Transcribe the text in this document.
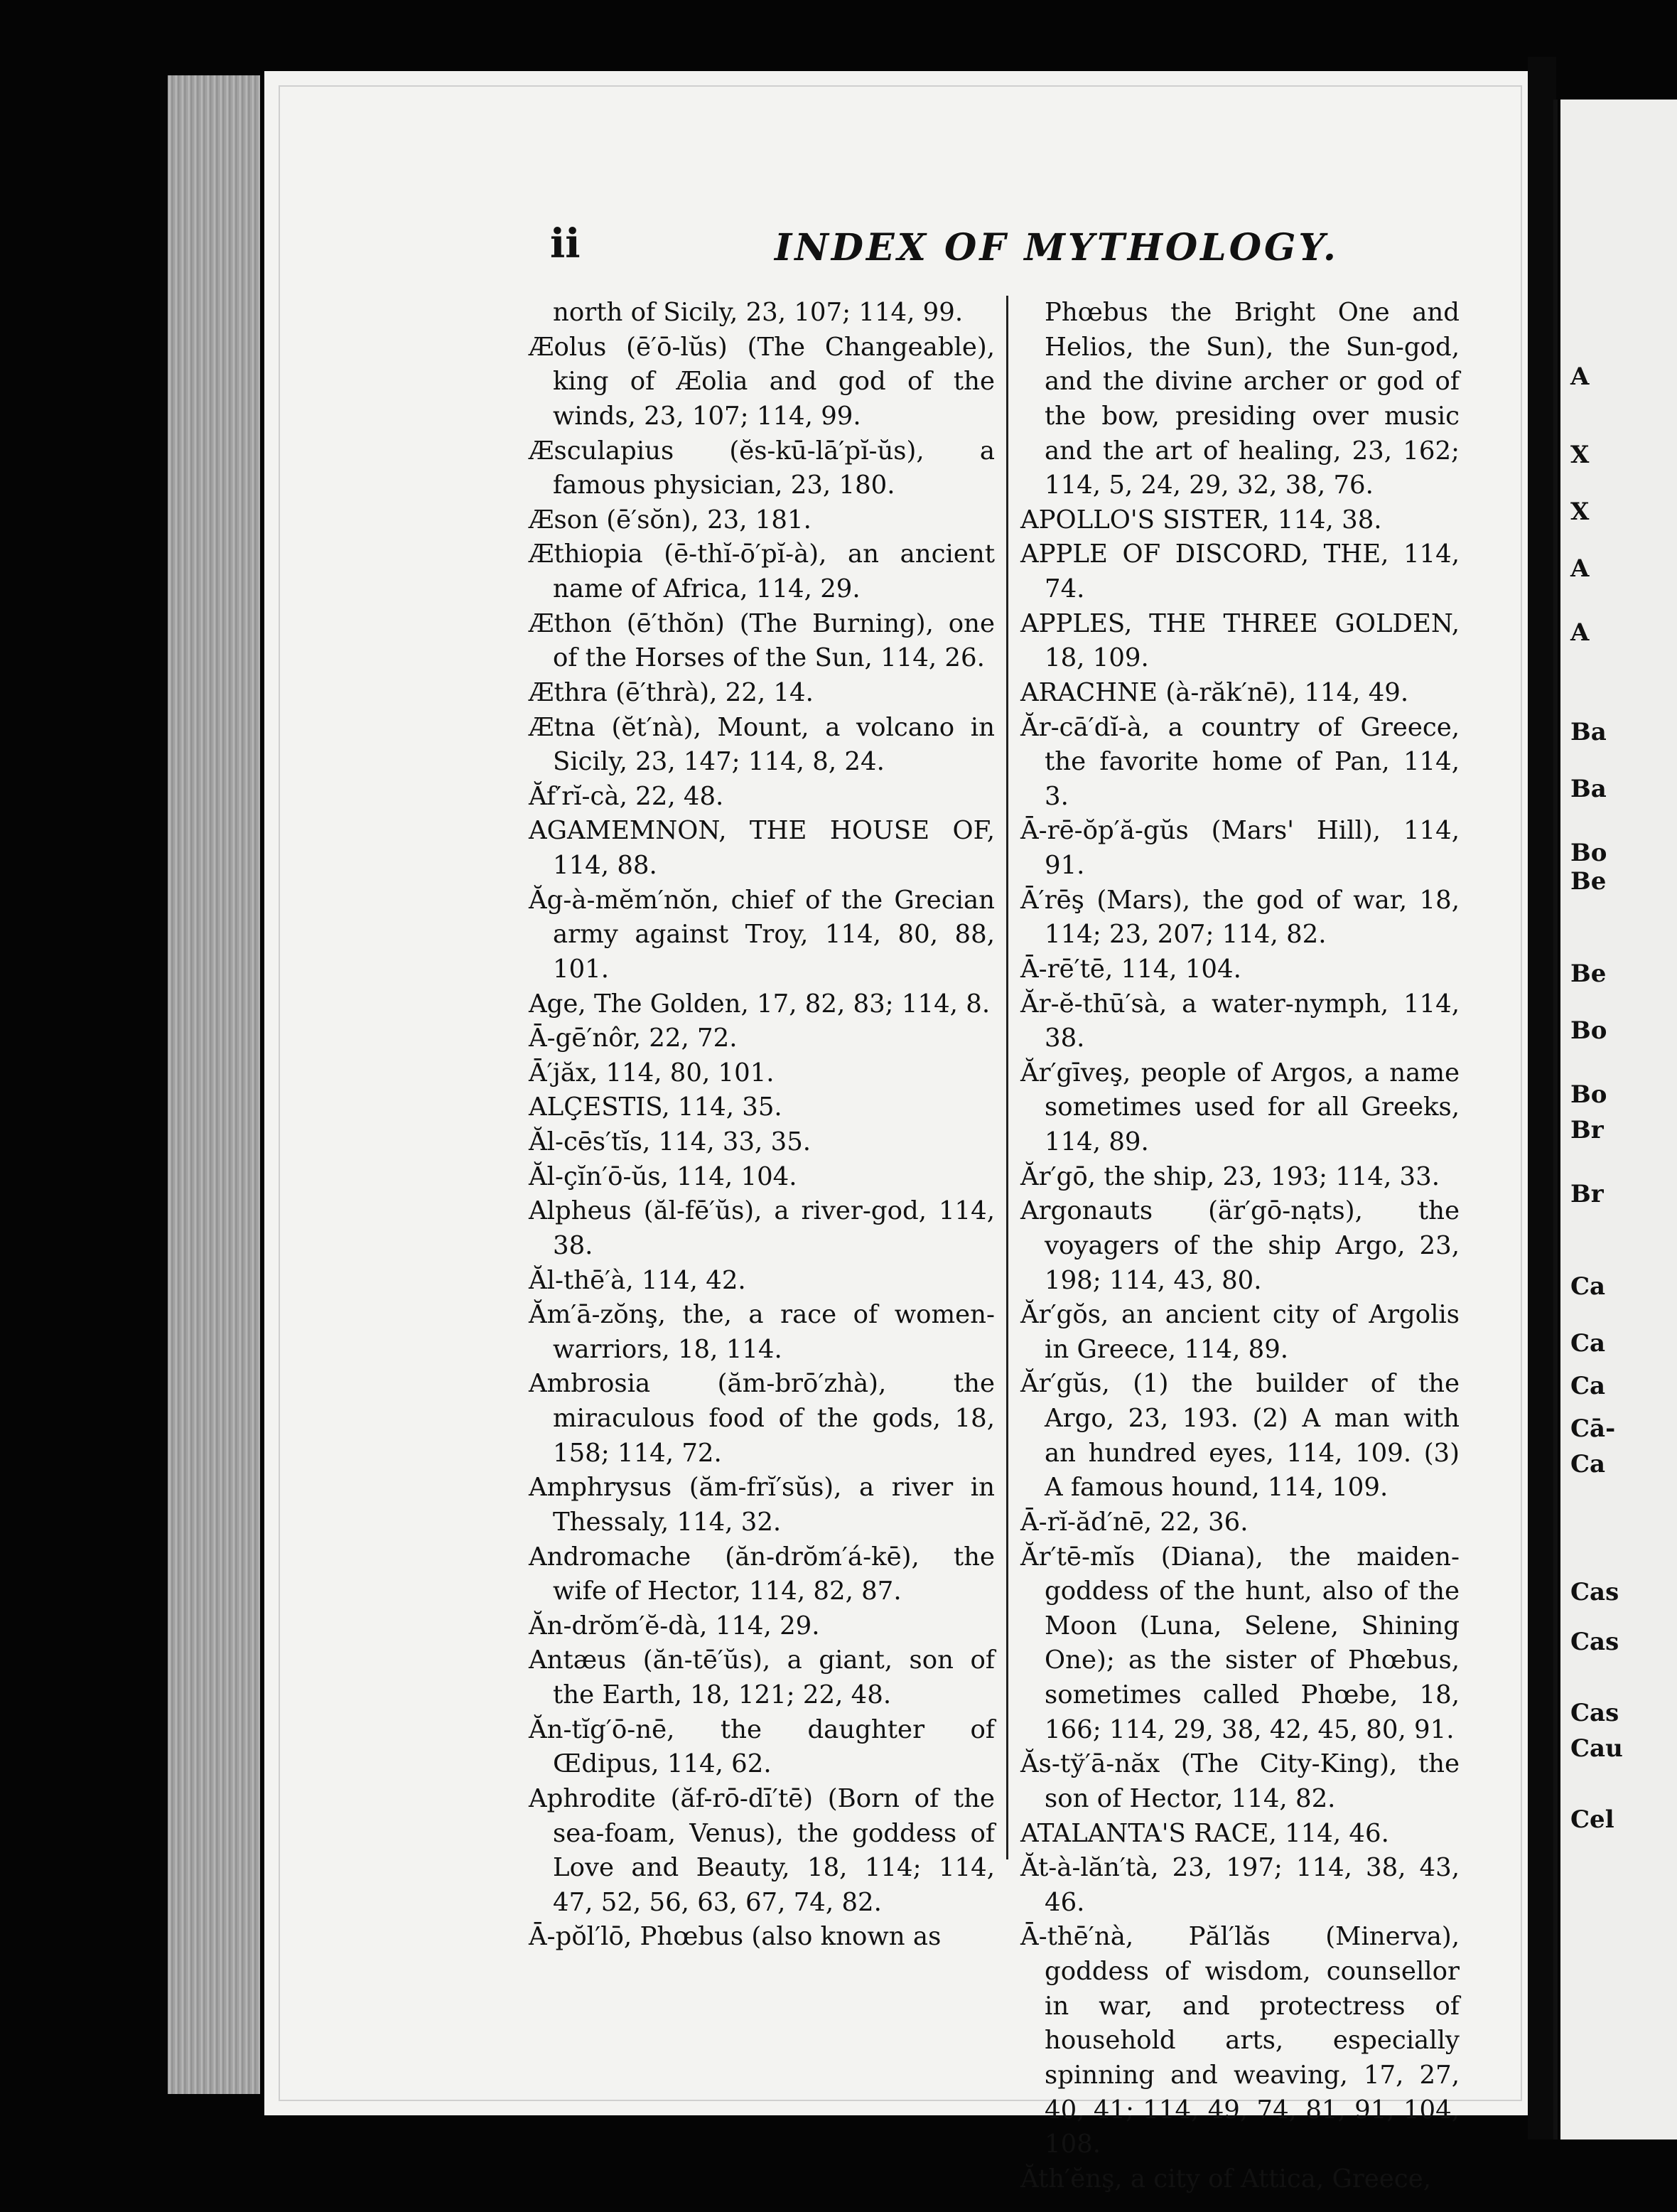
A
X
X
A
A
Ba
Ba
Bo
Be
Be
Bo
Bo
Br
Br
Ca
Ca
Ca
Cā-
Ca
Cas
Cas
Cas
Cau
Cel
ii	INDEX OF MYTHOLOGY.

north of Sicily, 23, 107; 114, 99.

Æolus (ē′ō-lŭs) (The Changeable), king of Æolia and god of the winds, 23, 107; 114, 99.

Æsculapius (ĕs-kū-lā′pĭ-ŭs), a famous physician, 23, 180.

Æson (ē′sŏn), 23, 181.

Æthiopia (ē-thĭ-ō′pĭ-à), an ancient name of Africa, 114, 29.

Æthon (ē′thŏn) (The Burning), one of the Horses of the Sun, 114, 26.

Æthra (ē′thrà), 22, 14.

Ætna (ĕt′nà), Mount, a volcano in Sicily, 23, 147; 114, 8, 24.

Ăf′rĭ-cà, 22, 48.

AGAMEMNON, THE HOUSE OF, 114, 88.

Ăg-à-mĕm′nŏn, chief of the Grecian army against Troy, 114, 80, 88, 101.

Age, The Golden, 17, 82, 83; 114, 8.

Ā-gē′nôr, 22, 72.

Ā′jăx, 114, 80, 101.

ALÇESTIS, 114, 35.

Ăl-cēs′tĭs, 114, 33, 35.

Ăl-çĭn′ō-ŭs, 114, 104.

Alpheus (ăl-fē′ŭs), a river-god, 114, 38.

Ăl-thē′à, 114, 42.

Ăm′ā-zŏnş, the, a race of women-warriors, 18, 114.

Ambrosia (ăm-brō′zhà), the miraculous food of the gods, 18, 158; 114, 72.

Amphrysus (ăm-frĭ′sŭs), a river in Thessaly, 114, 32.

Andromache (ăn-drŏm′á-kē), the wife of Hector, 114, 82, 87.

Ăn-drŏm′ĕ-dà, 114, 29.

Antæus (ăn-tē′ŭs), a giant, son of the Earth, 18, 121; 22, 48.

Ăn-tĭg′ō-nē, the daughter of Œdipus, 114, 62.

Aphrodite (ăf-rō-dī′tē) (Born of the sea-foam, Venus), the goddess of Love and Beauty, 18, 114; 114, 47, 52, 56, 63, 67, 74, 82.

Ā-pŏl′lō, Phœbus (also known as

Phœbus the Bright One and Helios, the Sun), the Sun-god, and the divine archer or god of the bow, presiding over music and the art of healing, 23, 162; 114, 5, 24, 29, 32, 38, 76.

APOLLO'S SISTER, 114, 38.

APPLE OF DISCORD, THE, 114, 74.

APPLES, THE THREE GOLDEN, 18, 109.

ARACHNE (à-răk′nē), 114, 49.

Ăr-cā′dĭ-à, a country of Greece, the favorite home of Pan, 114, 3.

Ā-rē-ŏp′ă-gŭs (Mars' Hill), 114, 91.

Ā′rēş (Mars), the god of war, 18, 114; 23, 207; 114, 82.

Ā-rē′tē, 114, 104.

Ăr-ĕ-thū′sà, a water-nymph, 114, 38.

Ăr′gīveş, people of Argos, a name sometimes used for all Greeks, 114, 89.

Ăr′gō, the ship, 23, 193; 114, 33.

Argonauts (är′gō-nạts), the voyagers of the ship Argo, 23, 198; 114, 43, 80.

Ăr′gŏs, an ancient city of Argolis in Greece, 114, 89.

Ăr′gŭs, (1) the builder of the Argo, 23, 193. (2) A man with an hundred eyes, 114, 109. (3) A famous hound, 114, 109.

Ā-rĭ-ăd′nē, 22, 36.

Ăr′tē-mĭs (Diana), the maiden-goddess of the hunt, also of the Moon (Luna, Selene, Shining One); as the sister of Phœbus, sometimes called Phœbe, 18, 166; 114, 29, 38, 42, 45, 80, 91.

Ăs-tў′ā-năx (The City-King), the son of Hector, 114, 82.

ATALANTA'S RACE, 114, 46.

Ăt-à-lăn′tà, 23, 197; 114, 38, 43, 46.

Ā-thē′nà, Păl′lăs (Minerva), goddess of wisdom, counsellor in war, and protectress of household arts, especially spinning and weaving, 17, 27, 40, 41; 114, 49, 74, 81, 91, 104, 108.

Ăth′ĕnş, a city of Attica, Greece,
